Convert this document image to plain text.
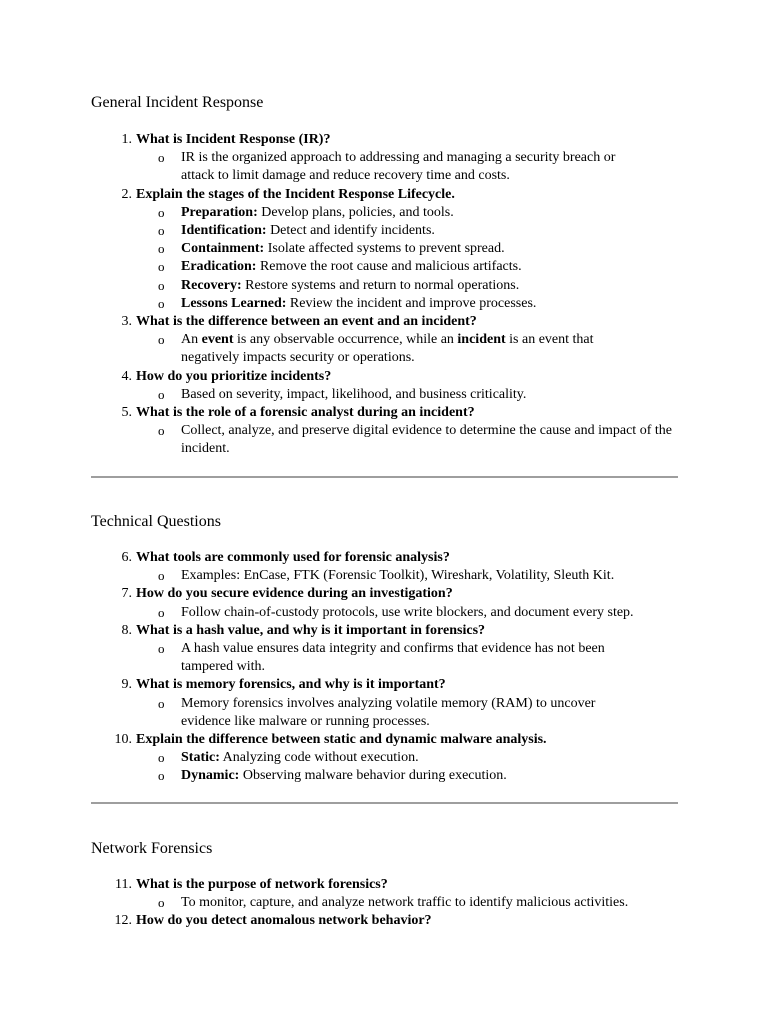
General Incident Response
1. What is Incident Response (IR)?
o IR is the organized approach to addressing and managing a security breach or attack to limit damage and reduce recovery time and costs.
2. Explain the stages of the Incident Response Lifecycle.
o Preparation: Develop plans, policies, and tools.
o Identification: Detect and identify incidents.
o Containment: Isolate affected systems to prevent spread.
o Eradication: Remove the root cause and malicious artifacts.
o Recovery: Restore systems and return to normal operations.
o Lessons Learned: Review the incident and improve processes.
3. What is the difference between an event and an incident?
o An event is any observable occurrence, while an incident is an event that negatively impacts security or operations.
4. How do you prioritize incidents?
o Based on severity, impact, likelihood, and business criticality.
5. What is the role of a forensic analyst during an incident?
o Collect, analyze, and preserve digital evidence to determine the cause and impact of the incident.
Technical Questions
6. What tools are commonly used for forensic analysis?
o Examples: EnCase, FTK (Forensic Toolkit), Wireshark, Volatility, Sleuth Kit.
7. How do you secure evidence during an investigation?
o Follow chain-of-custody protocols, use write blockers, and document every step.
8. What is a hash value, and why is it important in forensics?
o A hash value ensures data integrity and confirms that evidence has not been tampered with.
9. What is memory forensics, and why is it important?
o Memory forensics involves analyzing volatile memory (RAM) to uncover evidence like malware or running processes.
10. Explain the difference between static and dynamic malware analysis.
o Static: Analyzing code without execution.
o Dynamic: Observing malware behavior during execution.
Network Forensics
11. What is the purpose of network forensics?
o To monitor, capture, and analyze network traffic to identify malicious activities.
12. How do you detect anomalous network behavior?
